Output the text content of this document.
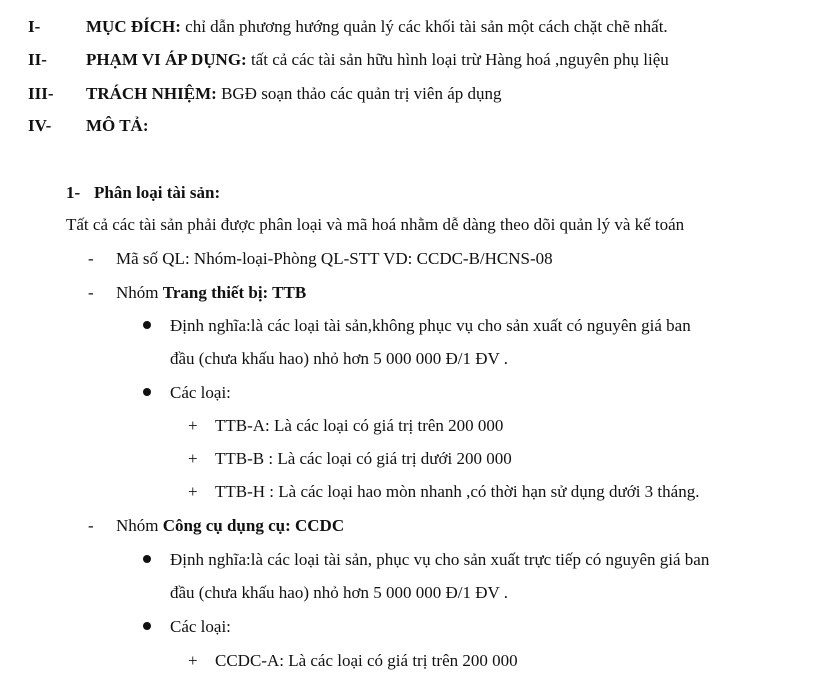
I-	MỤC ĐÍCH: chỉ dẫn phương hướng quản lý các khối tài sản một cách chặt chẽ nhất.
II- PHẠM VI ÁP DỤNG: tất cả các tài sản hữu hình loại trừ Hàng hoá ,nguyên phụ liệu
III- TRÁCH NHIỆM: BGĐ soạn thảo các quản trị viên áp dụng
IV- MÔ TẢ:
1- Phân loại tài sản:
Tất cả các tài sản phải được phân loại và mã hoá nhằm dễ dàng theo dõi quản lý và kế toán
- Mã số QL: Nhóm-loại-Phòng QL-STT VD: CCDC-B/HCNS-08
- Nhóm Trang thiết bị: TTB
Định nghĩa:là các loại tài sản,không phục vụ cho sản xuất có nguyên giá ban
đầu (chưa khấu hao) nhỏ hơn 5 000 000 Đ/1 ĐV .
Các loại:
+ TTB-A: Là các loại có giá trị trên 200 000
+ TTB-B : Là các loại có giá trị dưới 200 000
+ TTB-H : Là các loại hao mòn nhanh ,có thời hạn sử dụng dưới 3 tháng.
- Nhóm Công cụ dụng cụ: CCDC
Định nghĩa:là các loại tài sản, phục vụ cho sản xuất trực tiếp có nguyên giá ban
đầu (chưa khấu hao) nhỏ hơn 5 000 000 Đ/1 ĐV .
Các loại:
+ CCDC-A: Là các loại có giá trị trên 200 000
